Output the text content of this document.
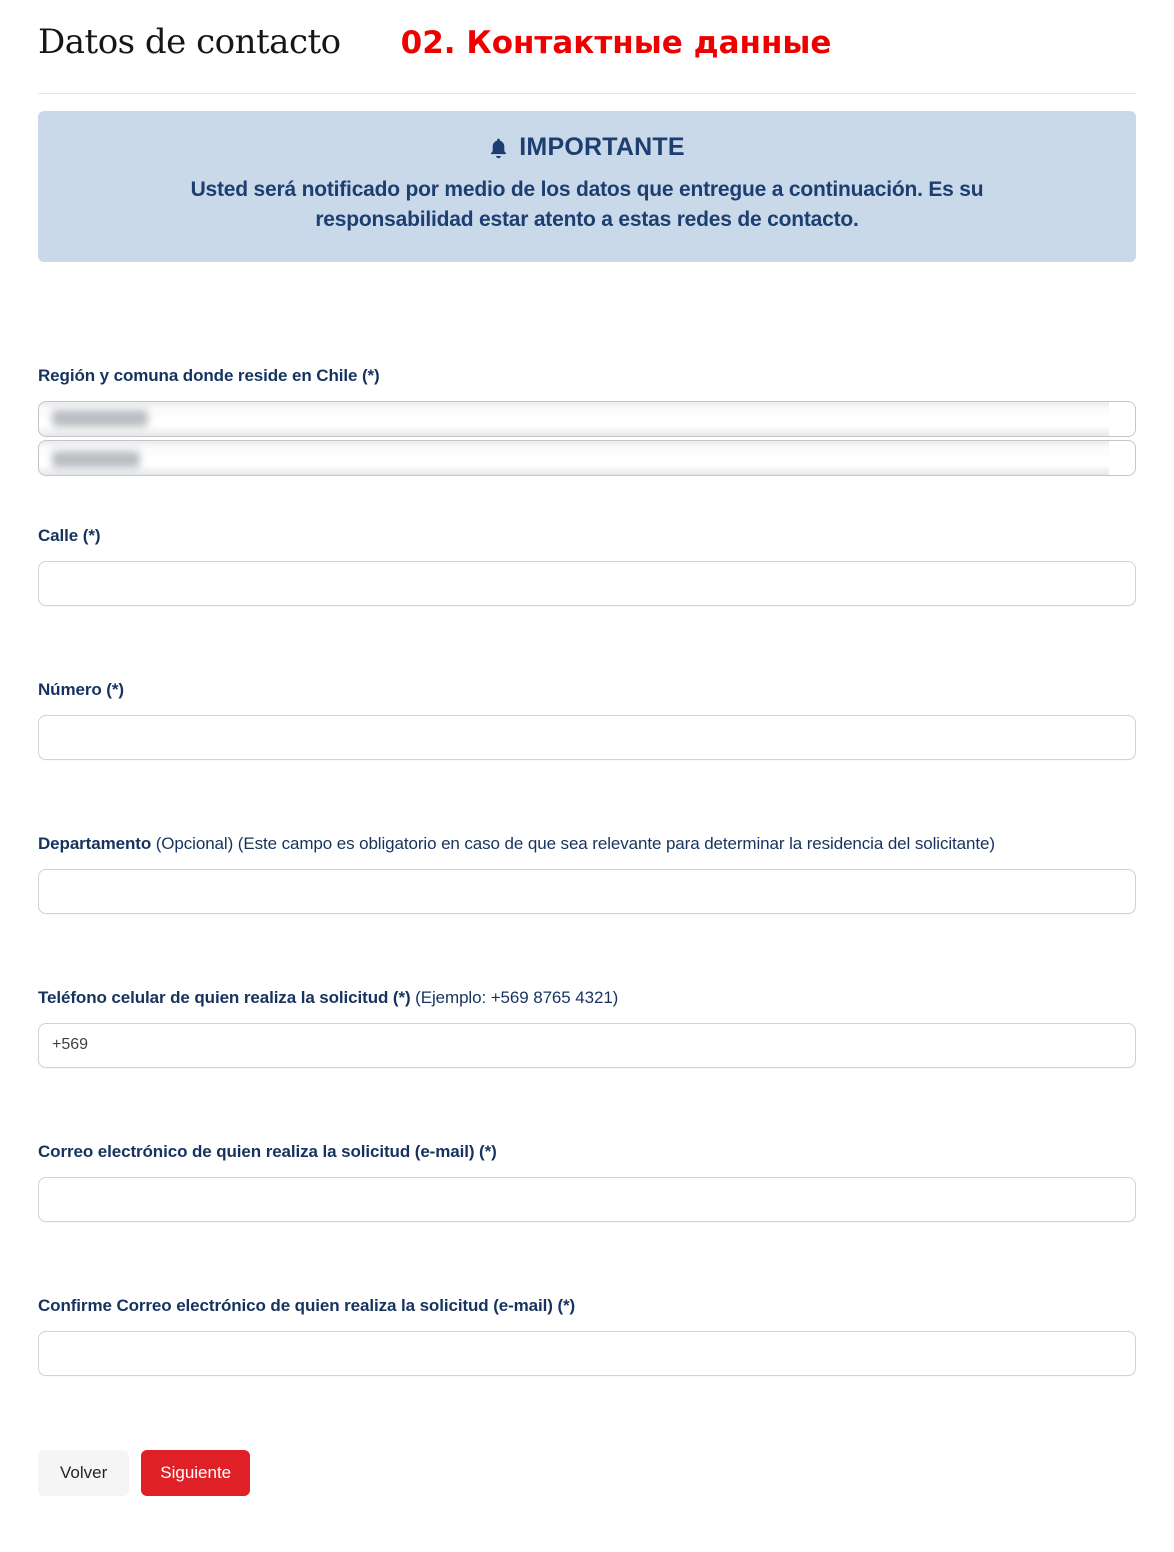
Datos de contacto 02. Контактные данные
IMPORTANTE
Usted será notificado por medio de los datos que entregue a continuación. Es su responsabilidad estar atento a estas redes de contacto.
Región y comuna donde reside en Chile (*)
Calle (*)
Número (*)
Departamento (Opcional) (Este campo es obligatorio en caso de que sea relevante para determinar la residencia del solicitante)
Teléfono celular de quien realiza la solicitud (*) (Ejemplo: +569 8765 4321)
+569
Correo electrónico de quien realiza la solicitud (e-mail) (*)
Confirme Correo electrónico de quien realiza la solicitud (e-mail) (*)
Volver	Siguiente
